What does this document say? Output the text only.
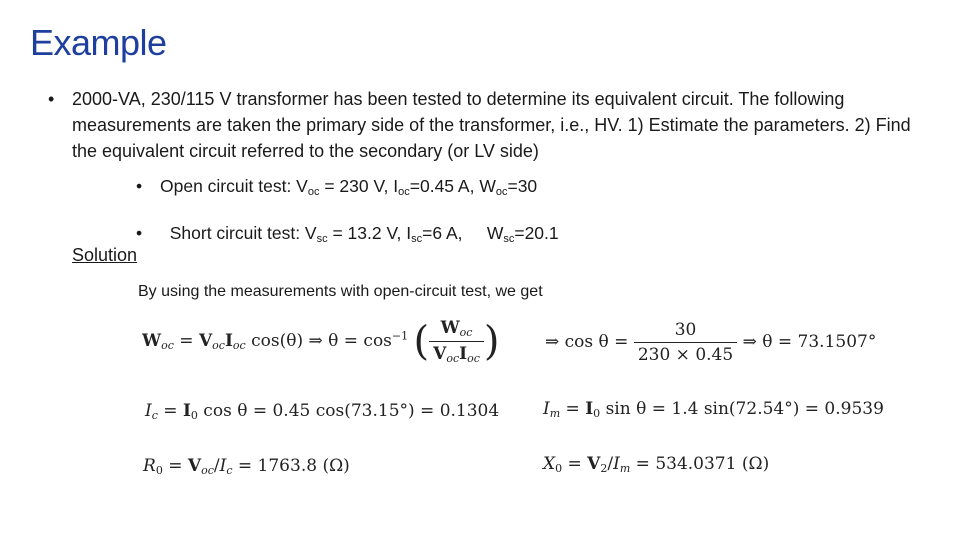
Example
• 2000-VA, 230/115 V transformer has been tested to determine its equivalent circuit. The following measurements are taken the primary side of the transformer, i.e., HV. 1) Estimate the parameters. 2) Find the equivalent circuit referred to the secondary (or LV side)
• Open circuit test: $V_{oc} = 230$ V, $I_{oc}=0.45$ A, $W_{oc}=30$

• Short circuit test: $V_{sc} = 13.2$ V, $I_{sc}=6$ A,     $W_{sc}=20.1$

Solution
By using the measurements with open-circuit test, we get
$W_{oc} = V_{oc}I_{oc}$ cos(θ) ⇒ $\theta = \cos^{-1}$ ( $\frac{W_{oc}}{V_{oc}I_{oc}}$ )	⇒ $\cos \theta = \frac{30}{230 \times 0.45}$ ⇒ θ = 73.1507°
$I_c = I_0$ cos θ = 0.45 cos(73.15°) = 0.1304	$I_m = I_0$ sin θ = 1.4 sin(72.54°) = 0.9539
$R_0 = V_{oc}/I_c = 1763.8$ (Ω)	$X_0 = V_2/I_m = 534.0371$ (Ω)
